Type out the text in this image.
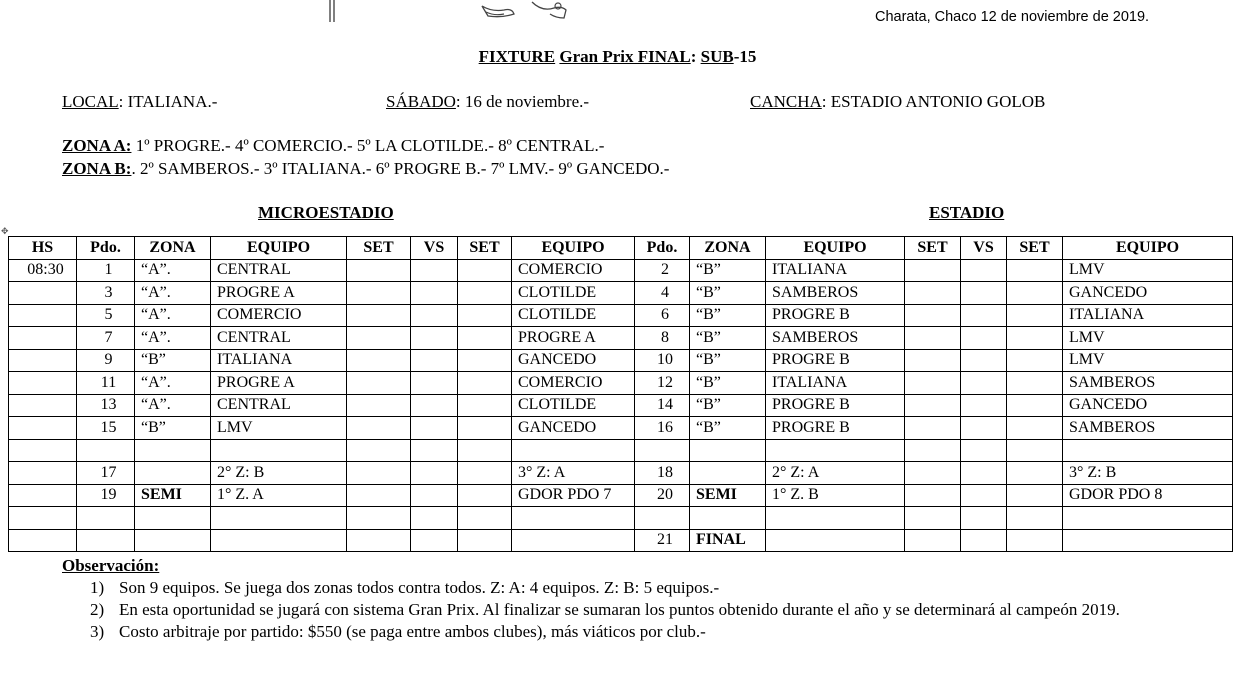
Charata, Chaco 12 de noviembre de 2019.
FIXTURE Gran Prix FINAL: SUB-15
LOCAL: ITALIANA.-	SÁBADO: 16 de noviembre.-	CANCHA: ESTADIO ANTONIO GOLOB
ZONA A: 1º PROGRE.- 4º COMERCIO.- 5º LA CLOTILDE.- 8º CENTRAL.-
ZONA B:. 2º SAMBEROS.- 3º ITALIANA.- 6º PROGRE B.- 7º LMV.- 9º GANCEDO.-
MICROESTADIO	ESTADIO
✥
HS	Pdo.	ZONA	EQUIPO	SET	VS	SET	EQUIPO	Pdo.	ZONA	EQUIPO	SET	VS	SET	EQUIPO
08:30	1	“A”.	CENTRAL				COMERCIO	2	“B”	ITALIANA				LMV
	3	“A”.	PROGRE A				CLOTILDE	4	“B”	SAMBEROS				GANCEDO
	5	“A”.	COMERCIO				CLOTILDE	6	“B”	PROGRE B				ITALIANA
	7	“A”.	CENTRAL				PROGRE A	8	“B”	SAMBEROS				LMV
	9	“B”	ITALIANA				GANCEDO	10	“B”	PROGRE B				LMV
	11	“A”.	PROGRE A				COMERCIO	12	“B”	ITALIANA				SAMBEROS
	13	“A”.	CENTRAL				CLOTILDE	14	“B”	PROGRE B				GANCEDO
	15	“B”	LMV				GANCEDO	16	“B”	PROGRE B				SAMBEROS

	17		2° Z: B				3° Z: A	18		2° Z: A				3° Z: B
	19	SEMI	1° Z. A				GDOR PDO 7	20	SEMI	1° Z. B				GDOR PDO 8

								21	FINAL					
Observación:
1) Son 9 equipos. Se juega dos zonas todos contra todos. Z: A: 4 equipos. Z: B: 5 equipos.-
2) En esta oportunidad se jugará con sistema Gran Prix. Al finalizar se sumaran los puntos obtenido durante el año y se determinará al campeón 2019.
3) Costo arbitraje por partido: $550 (se paga entre ambos clubes), más viáticos por club.-
